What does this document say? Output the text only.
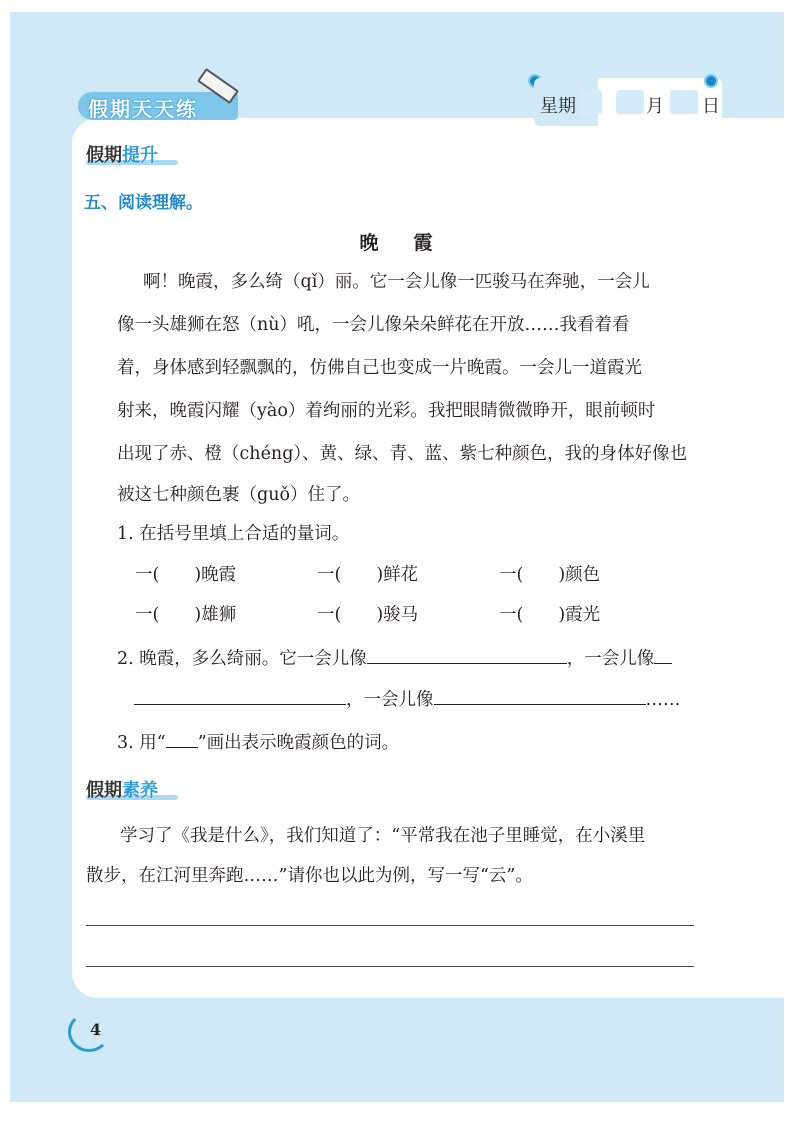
假期天天练	星期	月 日
假期提升
五、阅读理解。
晚　霞
啊！晚霞，多么绮（qǐ）丽。它一会儿像一匹骏马在奔驰，一会儿
像一头雄狮在怒（nù）吼，一会儿像朵朵鲜花在开放……我看着看
着，身体感到轻飘飘的，仿佛自己也变成一片晚霞。一会儿一道霞光
射来，晚霞闪耀（yào）着绚丽的光彩。我把眼睛微微睁开，眼前顿时
出现了赤、橙（chéng）、黄、绿、青、蓝、紫七种颜色，我的身体好像也
被这七种颜色裹（guǒ）住了。
1. 在括号里填上合适的量词。
一(　　)晚霞	一(　　)鲜花	一(　　)颜色
一(　　)雄狮	一(　　)骏马	一(　　)霞光
2. 晚霞，多么绮丽。它一会儿像	，一会儿像
，一会儿像	……
3. 用“ ”画出表示晚霞颜色的词。
假期素养
学习了《我是什么》，我们知道了：“平常我在池子里睡觉，在小溪里
散步，在江河里奔跑……”请你也以此为例，写一写“云”。
4
